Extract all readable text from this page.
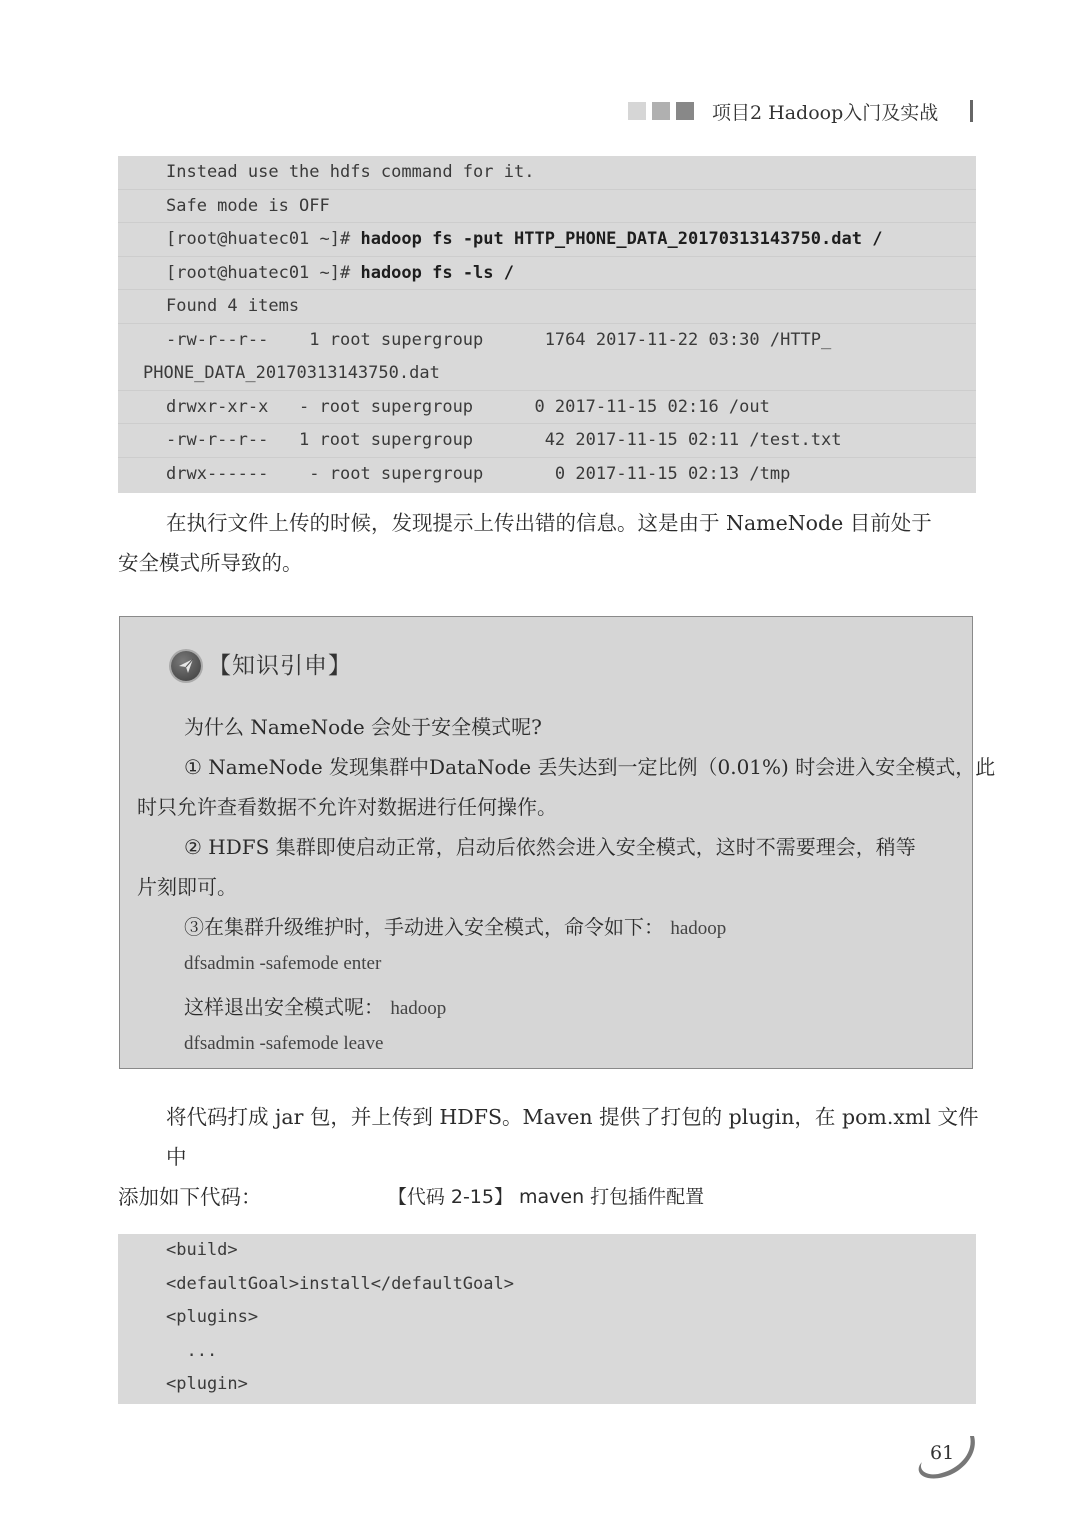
项目2 Hadoop入门及实战
Instead use the hdfs command for it.
Safe mode is OFF
[root@huatec01 ~]# hadoop fs -put HTTP_PHONE_DATA_20170313143750.dat /
[root@huatec01 ~]# hadoop fs -ls /
Found 4 items
-rw-r--r--    1 root supergroup      1764 2017-11-22 03:30 /HTTP_
PHONE_DATA_20170313143750.dat
drwxr-xr-x   - root supergroup      0 2017-11-15 02:16 /out
-rw-r--r--   1 root supergroup       42 2017-11-15 02:11 /test.txt
drwx------    - root supergroup       0 2017-11-15 02:13 /tmp
在执行文件上传的时候，发现提示上传出错的信息。这是由于 NameNode 目前处于
安全模式所导致的。
【知识引申】
为什么 NameNode 会处于安全模式呢?
① NameNode 发现集群中DataNode 丢失达到一定比例（0.01%) 时会进入安全模式，此
时只允许查看数据不允许对数据进行任何操作。
② HDFS 集群即使启动正常，启动后依然会进入安全模式，这时不需要理会，稍等
片刻即可。
③在集群升级维护时，手动进入安全模式，命令如下： hadoop
dfsadmin -safemode enter
这样退出安全模式呢： hadoop
dfsadmin -safemode leave
将代码打成 jar 包，并上传到 HDFS。Maven 提供了打包的 plugin，在 pom.xml 文件中
添加如下代码：	【代码 2-15】 maven 打包插件配置
<build>
<defaultGoal>install</defaultGoal>
<plugins>
...
<plugin>
61
